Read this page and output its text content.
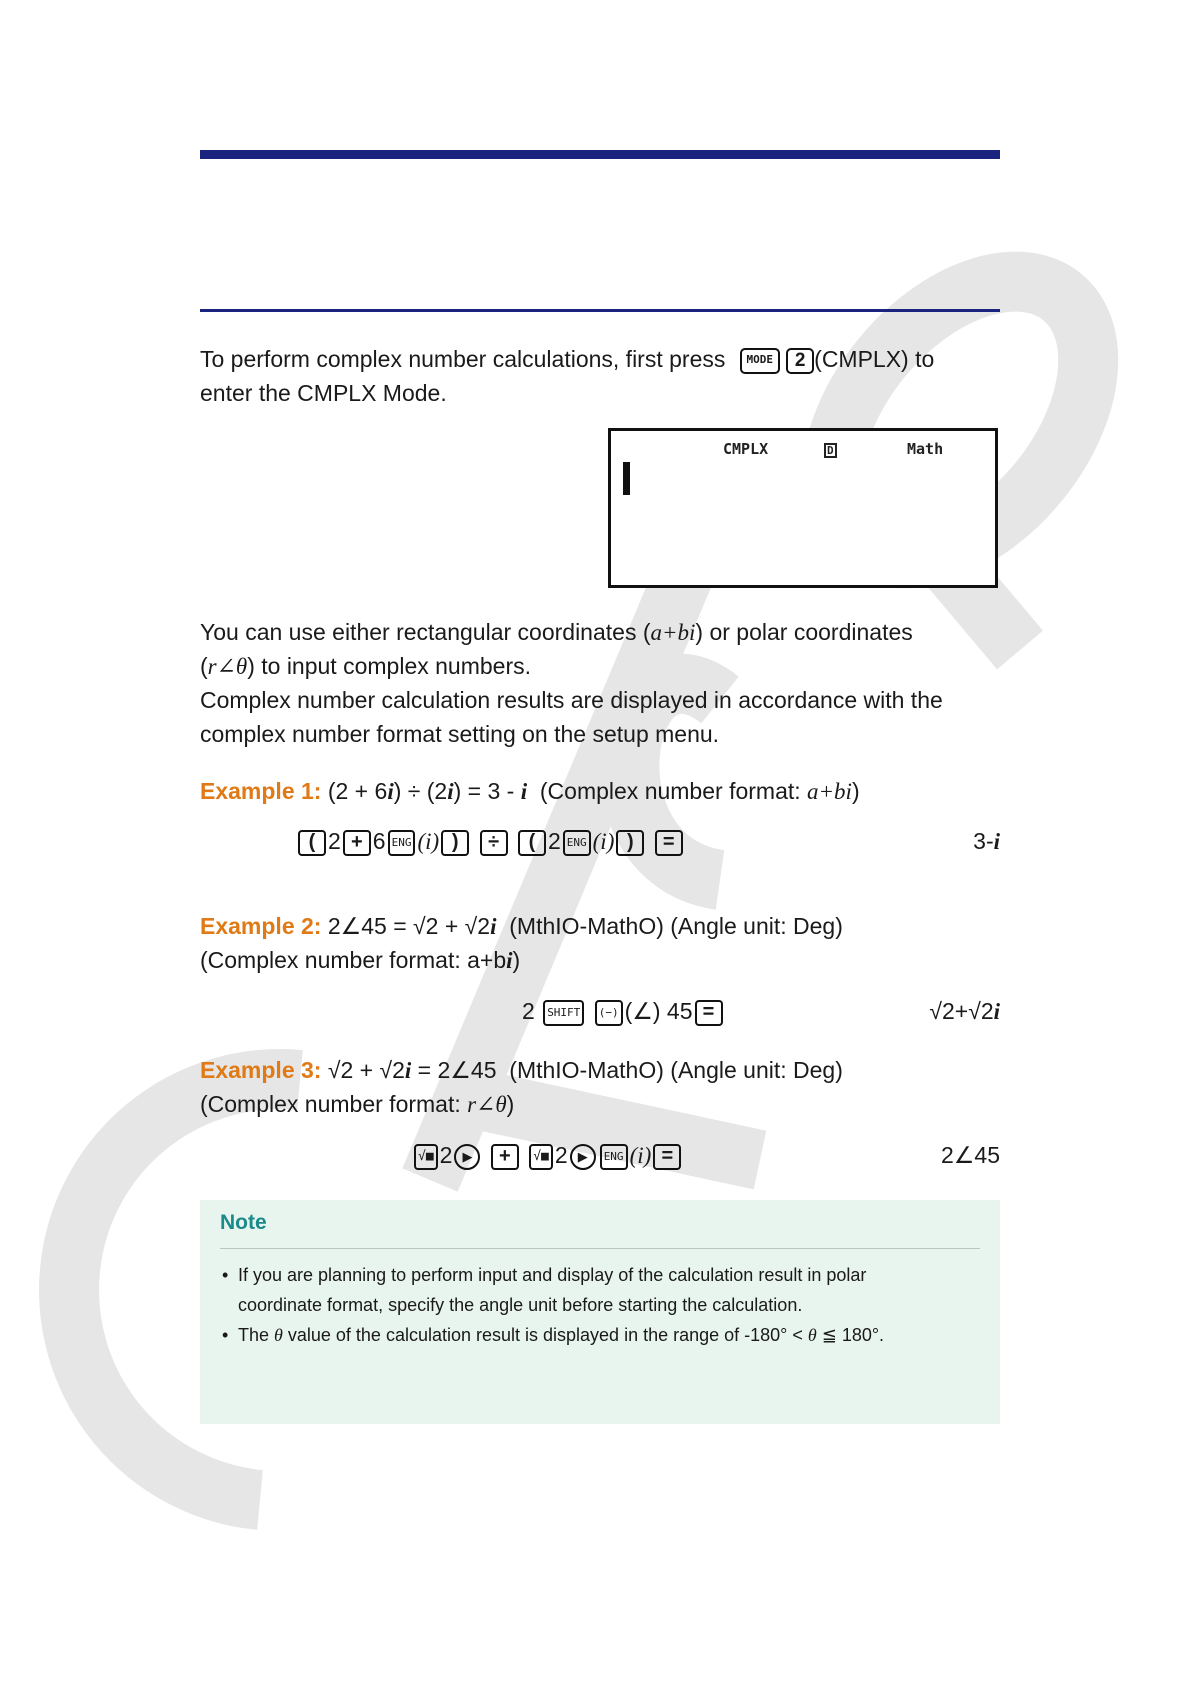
To perform complex number calculations, first press MODE 2 (CMPLX) to
enter the CMPLX Mode.
CMPLX	D	Math
You can use either rectangular coordinates (a+bi) or polar coordinates
(r∠θ) to input complex numbers.
Complex number calculation results are displayed in accordance with the
complex number format setting on the setup menu.
Example 1: (2 + 6i) ÷ (2i) = 3 - i (Complex number format: a+bi)
( 2 + 6 ENG (i) ) ÷ ( 2 ENG (i) ) =	3-i
Example 2: 2∠45 = √2 + √2i (MthIO-MathO) (Angle unit: Deg)
(Complex number format: a+bi)
2 SHIFT (−) (∠) 45 =	√2+√2i
Example 3: √2 + √2i = 2∠45 (MthIO-MathO) (Angle unit: Deg)
(Complex number format: r∠θ)
√■ 2 ▶ + √■ 2 ▶ ENG (i) =	2∠45
Note
• If you are planning to perform input and display of the calculation result in polar
coordinate format, specify the angle unit before starting the calculation.
• The θ value of the calculation result is displayed in the range of -180° < θ ≦ 180°.
